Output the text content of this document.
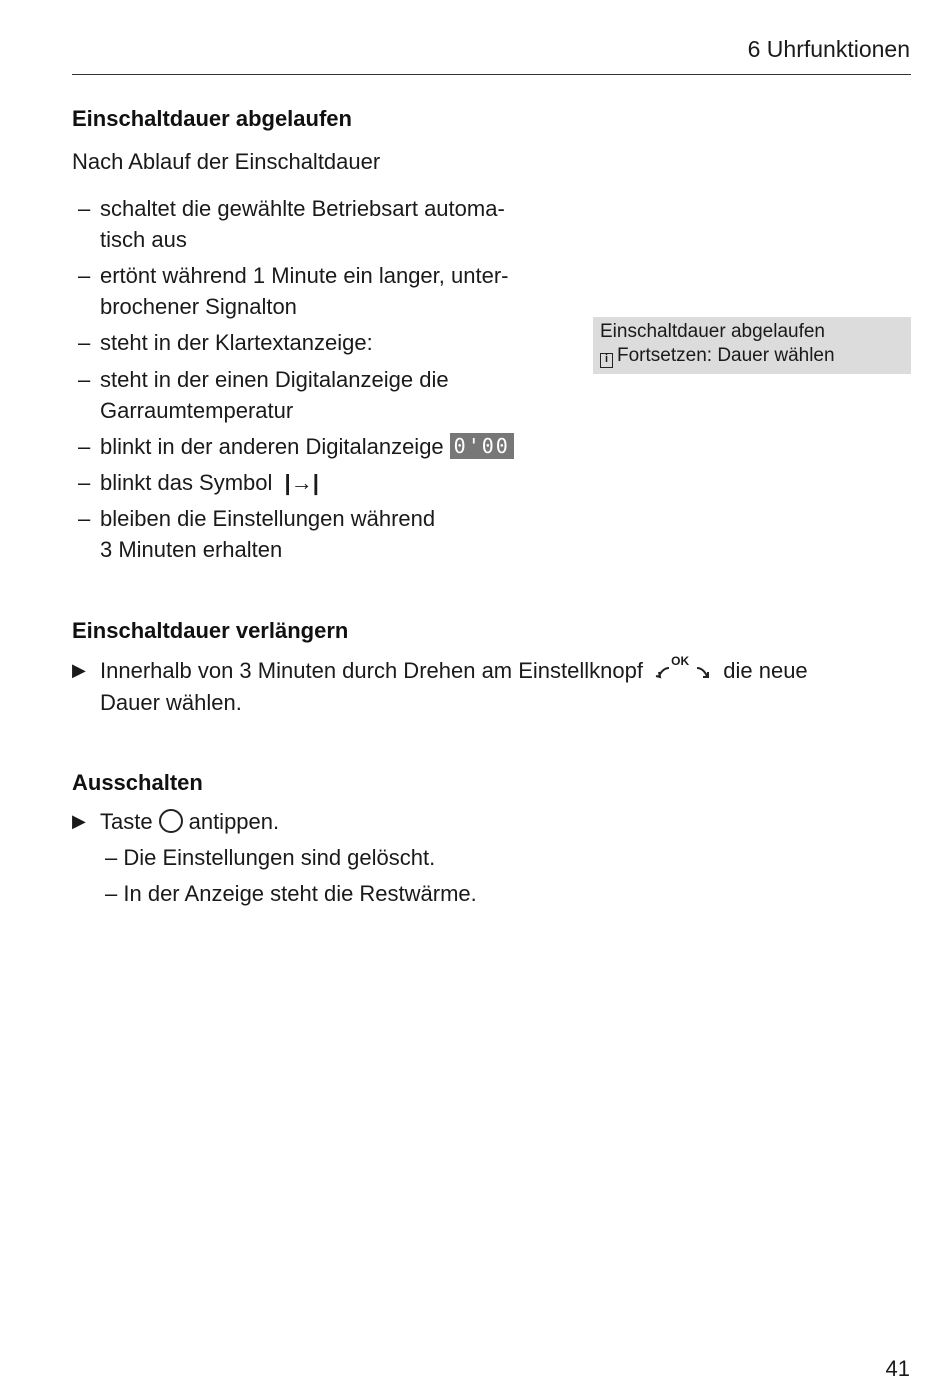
6 Uhrfunktionen
Einschaltdauer abgelaufen
Nach Ablauf der Einschaltdauer
– schaltet die gewählte Betriebsart automa-
tisch aus
– ertönt während 1 Minute ein langer, unter-
brochener Signalton
– steht in der Klartextanzeige:
– steht in der einen Digitalanzeige die
Garraumtemperatur
– blinkt in der anderen Digitalanzeige 0'00
– blinkt das Symbol |→|
– bleiben die Einstellungen während
3 Minuten erhalten
Einschaltdauer abgelaufen
i Fortsetzen: Dauer wählen
Einschaltdauer verlängern
▶ Innerhalb von 3 Minuten durch Drehen am Einstellknopf OK die neue
Dauer wählen.
Ausschalten
▶ Taste antippen.
– Die Einstellungen sind gelöscht.
– In der Anzeige steht die Restwärme.
41
